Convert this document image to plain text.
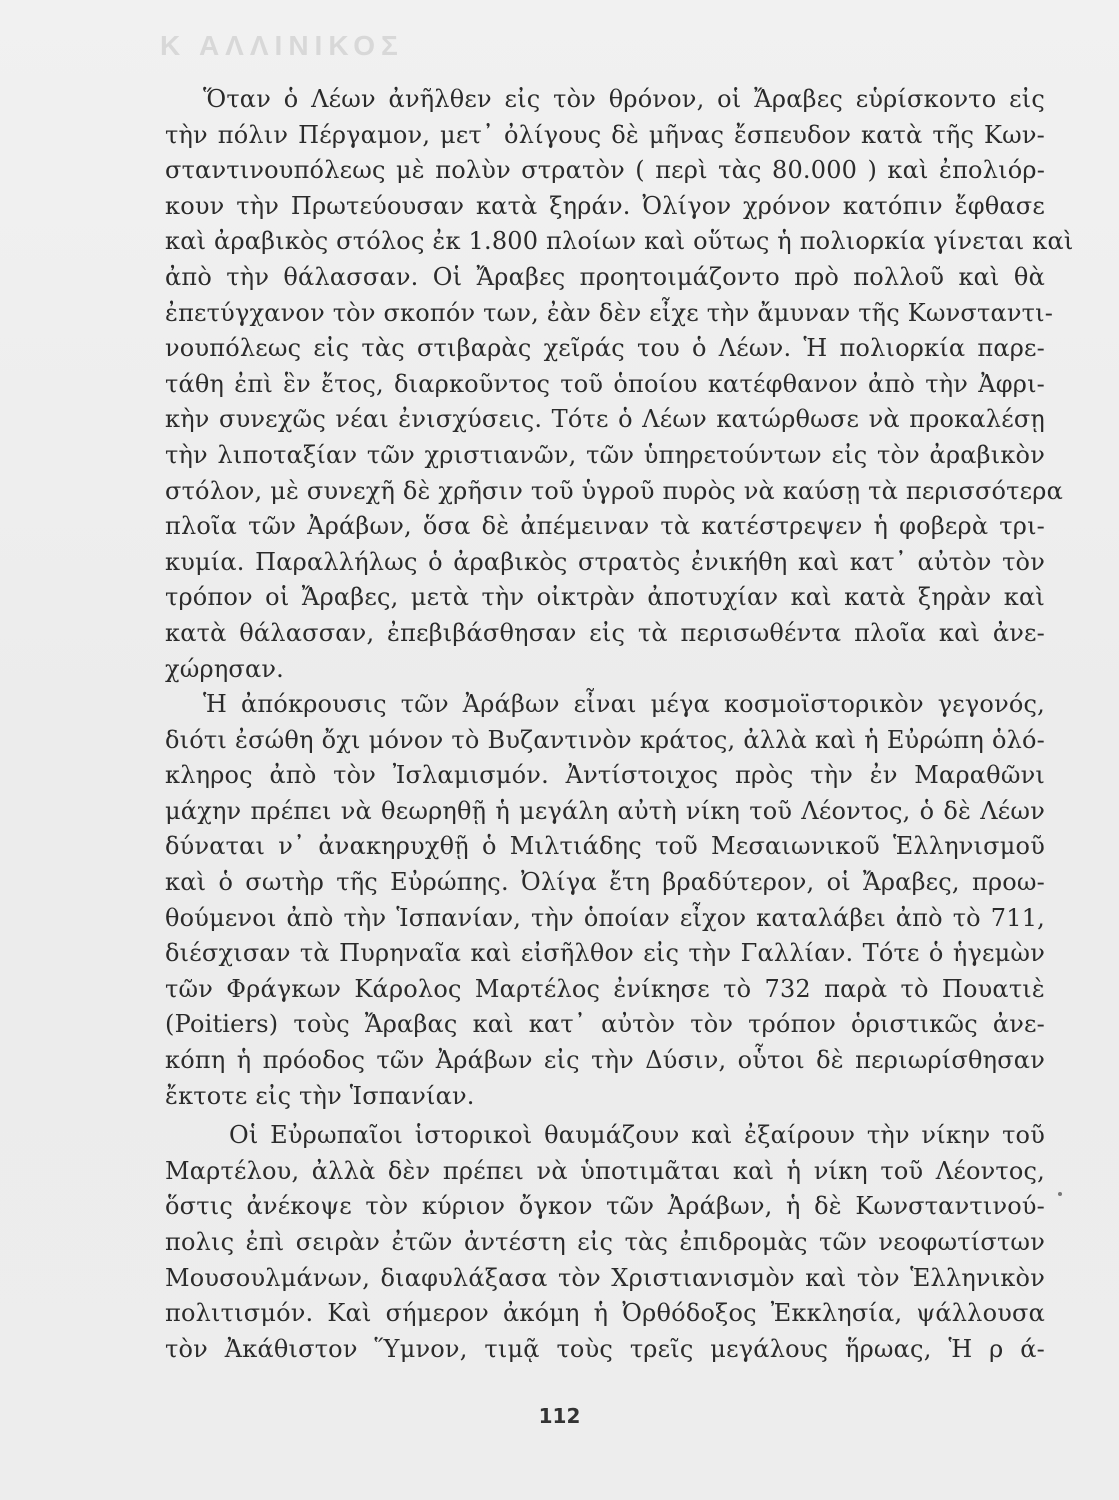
Κ ΑΛΛΙΝΙΚΟΣ
Ὅταν ὁ Λέων ἀνῆλθεν εἰς τὸν θρόνον, οἱ Ἄραβες εὑρίσκοντο εἰς
τὴν πόλιν Πέργαμον, μετ᾽ ὀλίγους δὲ μῆνας ἔσπευδον κατὰ τῆς Κων-
σταντινουπόλεως μὲ πολὺν στρατὸν ( περὶ τὰς 80.000 ) καὶ ἐπολιόρ-
κουν τὴν Πρωτεύουσαν κατὰ ξηράν. Ὀλίγον χρόνον κατόπιν ἔφθασε
καὶ ἀραβικὸς στόλος ἐκ 1.800 πλοίων καὶ οὕτως ἡ πολιορκία γίνεται καὶ
ἀπὸ τὴν θάλασσαν. Οἱ Ἄραβες προητοιμάζοντο πρὸ πολλοῦ καὶ θὰ
ἐπετύγχανον τὸν σκοπόν των, ἐὰν δὲν εἶχε τὴν ἄμυναν τῆς Κωνσταντι-
νουπόλεως εἰς τὰς στιβαρὰς χεῖράς του ὁ Λέων. Ἡ πολιορκία παρε-
τάθη ἐπὶ ἓν ἔτος, διαρκοῦντος τοῦ ὁποίου κατέφθανον ἀπὸ τὴν Ἀφρι-
κὴν συνεχῶς νέαι ἐνισχύσεις. Τότε ὁ Λέων κατώρθωσε νὰ προκαλέσῃ
τὴν λιποταξίαν τῶν χριστιανῶν, τῶν ὑπηρετούντων εἰς τὸν ἀραβικὸν
στόλον, μὲ συνεχῆ δὲ χρῆσιν τοῦ ὑγροῦ πυρὸς νὰ καύσῃ τὰ περισσότερα
πλοῖα τῶν Ἀράβων, ὅσα δὲ ἀπέμειναν τὰ κατέστρεψεν ἡ φοβερὰ τρι-
κυμία. Παραλλήλως ὁ ἀραβικὸς στρατὸς ἐνικήθη καὶ κατ᾽ αὐτὸν τὸν
τρόπον οἱ Ἄραβες, μετὰ τὴν οἰκτρὰν ἀποτυχίαν καὶ κατὰ ξηρὰν καὶ
κατὰ θάλασσαν, ἐπεβιβάσθησαν εἰς τὰ περισωθέντα πλοῖα καὶ ἀνε-
χώρησαν.
Ἡ ἀπόκρουσις τῶν Ἀράβων εἶναι μέγα κοσμοϊστορικὸν γεγονός,
διότι ἐσώθη ὄχι μόνον τὸ Βυζαντινὸν κράτος, ἀλλὰ καὶ ἡ Εὐρώπη ὁλό-
κληρος ἀπὸ τὸν Ἰσλαμισμόν. Ἀντίστοιχος πρὸς τὴν ἐν Μαραθῶνι
μάχην πρέπει νὰ θεωρηθῇ ἡ μεγάλη αὐτὴ νίκη τοῦ Λέοντος, ὁ δὲ Λέων
δύναται ν᾽ ἀνακηρυχθῇ ὁ Μιλτιάδης τοῦ Μεσαιωνικοῦ Ἑλληνισμοῦ
καὶ ὁ σωτὴρ τῆς Εὐρώπης. Ὀλίγα ἔτη βραδύτερον, οἱ Ἄραβες, προω-
θούμενοι ἀπὸ τὴν Ἱσπανίαν, τὴν ὁποίαν εἶχον καταλάβει ἀπὸ τὸ 711,
διέσχισαν τὰ Πυρηναῖα καὶ εἰσῆλθον εἰς τὴν Γαλλίαν. Τότε ὁ ἡγεμὼν
τῶν Φράγκων Κάρολος Μαρτέλος ἐνίκησε τὸ 732 παρὰ τὸ Πουατιὲ
(Poitiers) τοὺς Ἄραβας καὶ κατ᾽ αὐτὸν τὸν τρόπον ὁριστικῶς ἀνε-
κόπη ἡ πρόοδος τῶν Ἀράβων εἰς τὴν Δύσιν, οὗτοι δὲ περιωρίσθησαν
ἔκτοτε εἰς τὴν Ἱσπανίαν.
Οἱ Εὐρωπαῖοι ἱστορικοὶ θαυμάζουν καὶ ἐξαίρουν τὴν νίκην τοῦ
Μαρτέλου, ἀλλὰ δὲν πρέπει νὰ ὑποτιμᾶται καὶ ἡ νίκη τοῦ Λέοντος,
ὅστις ἀνέκοψε τὸν κύριον ὄγκον τῶν Ἀράβων, ἡ δὲ Κωνσταντινού-
πολις ἐπὶ σειρὰν ἐτῶν ἀντέστη εἰς τὰς ἐπιδρομὰς τῶν νεοφωτίστων
Μουσουλμάνων, διαφυλάξασα τὸν Χριστιανισμὸν καὶ τὸν Ἑλληνικὸν
πολιτισμόν. Καὶ σήμερον ἀκόμη ἡ Ὀρθόδοξος Ἐκκλησία, ψάλλουσα
τὸν Ἀκάθιστον Ὕμνον, τιμᾷ τοὺς τρεῖς μεγάλους ἥρωας, Ἡ ρ ά-
112
